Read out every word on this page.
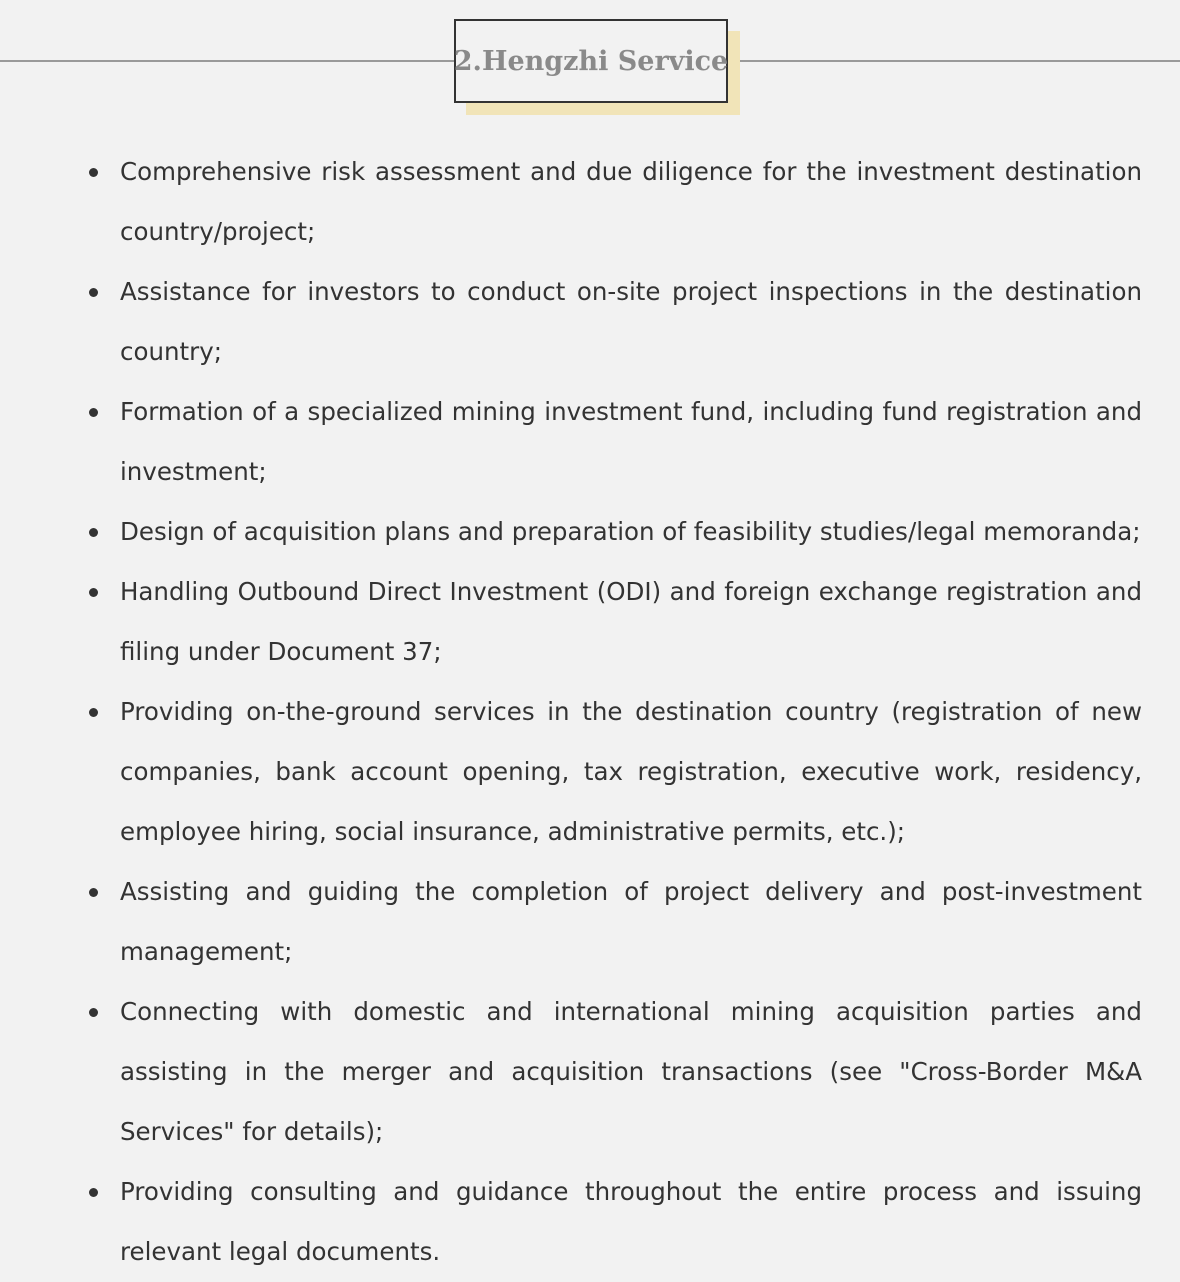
2.Hengzhi Service
Comprehensive risk assessment and due diligence for the investment destination country/project;
Assistance for investors to conduct on-site project inspections in the destination country;
Formation of a specialized mining investment fund, including fund registration and investment;
Design of acquisition plans and preparation of feasibility studies/legal memoranda;
Handling Outbound Direct Investment (ODI) and foreign exchange registration and filing under Document 37;
Providing on-the-ground services in the destination country (registration of new companies, bank account opening, tax registration, executive work, residency, employee hiring, social insurance, administrative permits, etc.);
Assisting and guiding the completion of project delivery and post-investment management;
Connecting with domestic and international mining acquisition parties and assisting in the merger and acquisition transactions (see "Cross-Border M&A Services" for details);
Providing consulting and guidance throughout the entire process and issuing relevant legal documents.
